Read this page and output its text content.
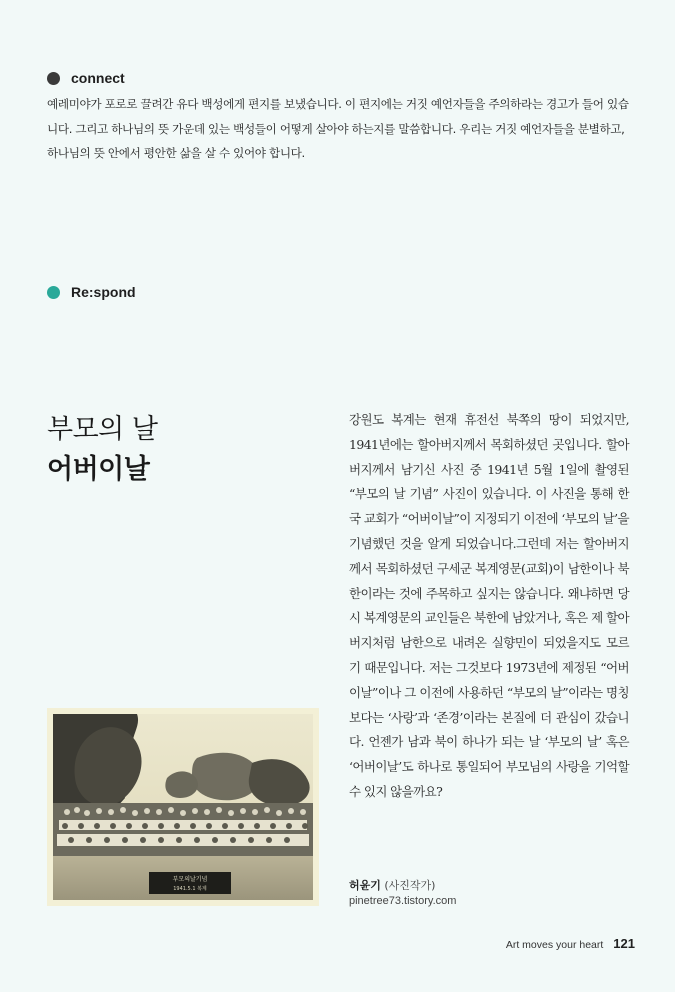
connect
예레미야가 포로로 끌려간 유다 백성에게 편지를 보냈습니다. 이 편지에는 거짓 예언자들을 주의하라는 경고가 들어 있습니다. 그리고 하나님의 뜻 가운데 있는 백성들이 어떻게 살아야 하는지를 말씀합니다. 우리는 거짓 예언자들을 분별하고, 하나님의 뜻 안에서 평안한 삶을 살 수 있어야 합니다.
Re:spond
부모의 날
어버이날
강원도 복계는 현재 휴전선 북쪽의 땅이 되었지만, 1941년에는 할아버지께서 목회하셨던 곳입니다. 할아버지께서 남기신 사진 중 1941년 5월 1일에 촬영된 “부모의 날 기념” 사진이 있습니다. 이 사진을 통해 한국 교회가 “어버이날”이 지정되기 이전에 ‘부모의 날’을 기념했던 것을 알게 되었습니다.그런데 저는 할아버지께서 목회하셨던 구세군 복계영문(교회)이 남한이나 북한이라는 것에 주목하고 싶지는 않습니다. 왜냐하면 당시 복계영문의 교인들은 북한에 남았거나, 혹은 제 할아버지처럼 남한으로 내려온 실향민이 되었을지도 모르기 때문입니다. 저는 그것보다 1973년에 제정된 “어버이날”이나 그 이전에 사용하던 “부모의 날”이라는 명칭보다는 ‘사랑’과 ‘존경’이라는 본질에 더 관심이 갔습니다. 언젠가 남과 북이 하나가 되는 날 ‘부모의 날’ 혹은 ‘어버이날’도 하나로 통일되어 부모님의 사랑을 기억할 수 있지 않을까요?
부모의날기념
1941.5.1 복계	허윤기 (사진작가)
pinetree73.tistory.com
Art moves your heart 121
